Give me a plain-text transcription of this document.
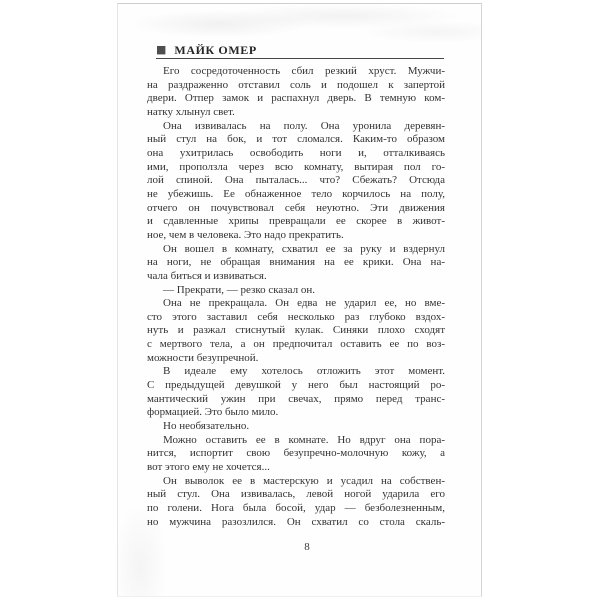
■ МАЙК ОМЕР
Его сосредоточенность сбил резкий хруст. Мужчи-
на раздраженно отставил соль и подошел к запертой
двери. Отпер замок и распахнул дверь. В темную ком-
натку хлынул свет.
Она извивалась на полу. Она уронила деревян-
ный стул на бок, и тот сломался. Каким-то образом
она ухитрилась освободить ноги и, отталкиваясь
ими, проползла через всю комнату, вытирая пол го-
лой спиной. Она пыталась... что? Сбежать? Отсюда
не убежишь. Ее обнаженное тело корчилось на полу,
отчего он почувствовал себя неуютно. Эти движения
и сдавленные хрипы превращали ее скорее в живот-
ное, чем в человека. Это надо прекратить.
Он вошел в комнату, схватил ее за руку и вздернул
на ноги, не обращая внимания на ее крики. Она на-
чала биться и извиваться.
— Прекрати, — резко сказал он.
Она не прекращала. Он едва не ударил ее, но вме-
сто этого заставил себя несколько раз глубоко вздох-
нуть и разжал стиснутый кулак. Синяки плохо сходят
с мертвого тела, а он предпочитал оставить ее по воз-
можности безупречной.
В идеале ему хотелось отложить этот момент.
С предыдущей девушкой у него был настоящий ро-
мантический ужин при свечах, прямо перед транс-
формацией. Это было мило.
Но необязательно.
Можно оставить ее в комнате. Но вдруг она пора-
нится, испортит свою безупречно-молочную кожу, а
вот этого ему не хочется...
Он выволок ее в мастерскую и усадил на собствен-
ный стул. Она извивалась, левой ногой ударила его
по голени. Нога была босой, удар — безболезненным,
но мужчина разозлился. Он схватил со стола скаль-
8
